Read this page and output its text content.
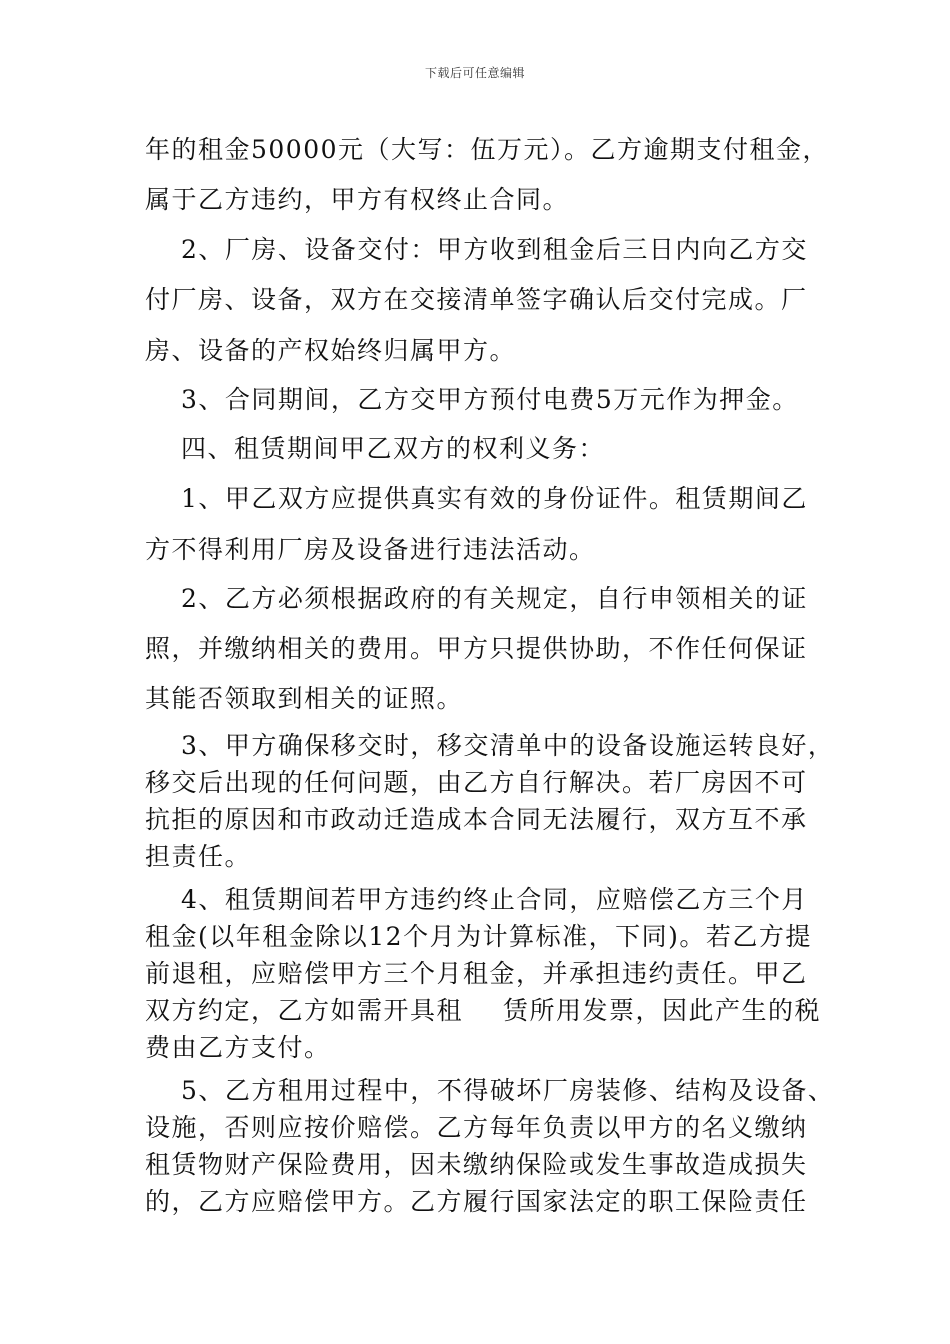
下载后可任意编辑
年的租金50000元（大写：伍万元）。乙方逾期支付租金，
属于乙方违约，甲方有权终止合同。
　 2、厂房、设备交付：甲方收到租金后三日内向乙方交
付厂房、设备，双方在交接清单签字确认后交付完成。厂
房、设备的产权始终归属甲方。
　 3、合同期间，乙方交甲方预付电费5万元作为押金。
　 四、租赁期间甲乙双方的权利义务：
　 1、甲乙双方应提供真实有效的身份证件。租赁期间乙
方不得利用厂房及设备进行违法活动。
　 2、乙方必须根据政府的有关规定，自行申领相关的证
照，并缴纳相关的费用。甲方只提供协助，不作任何保证
其能否领取到相关的证照。
　 3、甲方确保移交时，移交清单中的设备设施运转良好，
移交后出现的任何问题，由乙方自行解决。若厂房因不可
抗拒的原因和市政动迁造成本合同无法履行，双方互不承
担责任。
　 4、租赁期间若甲方违约终止合同，应赔偿乙方三个月
租金(以年租金除以12个月为计算标准，下同)。若乙方提
前退租，应赔偿甲方三个月租金，并承担违约责任。甲乙
双方约定，乙方如需开具租 赁所用发票，因此产生的税
费由乙方支付。
　 5、乙方租用过程中，不得破坏厂房装修、结构及设备、
设施，否则应按价赔偿。乙方每年负责以甲方的名义缴纳
租赁物财产保险费用，因未缴纳保险或发生事故造成损失
的，乙方应赔偿甲方。乙方履行国家法定的职工保险责任
